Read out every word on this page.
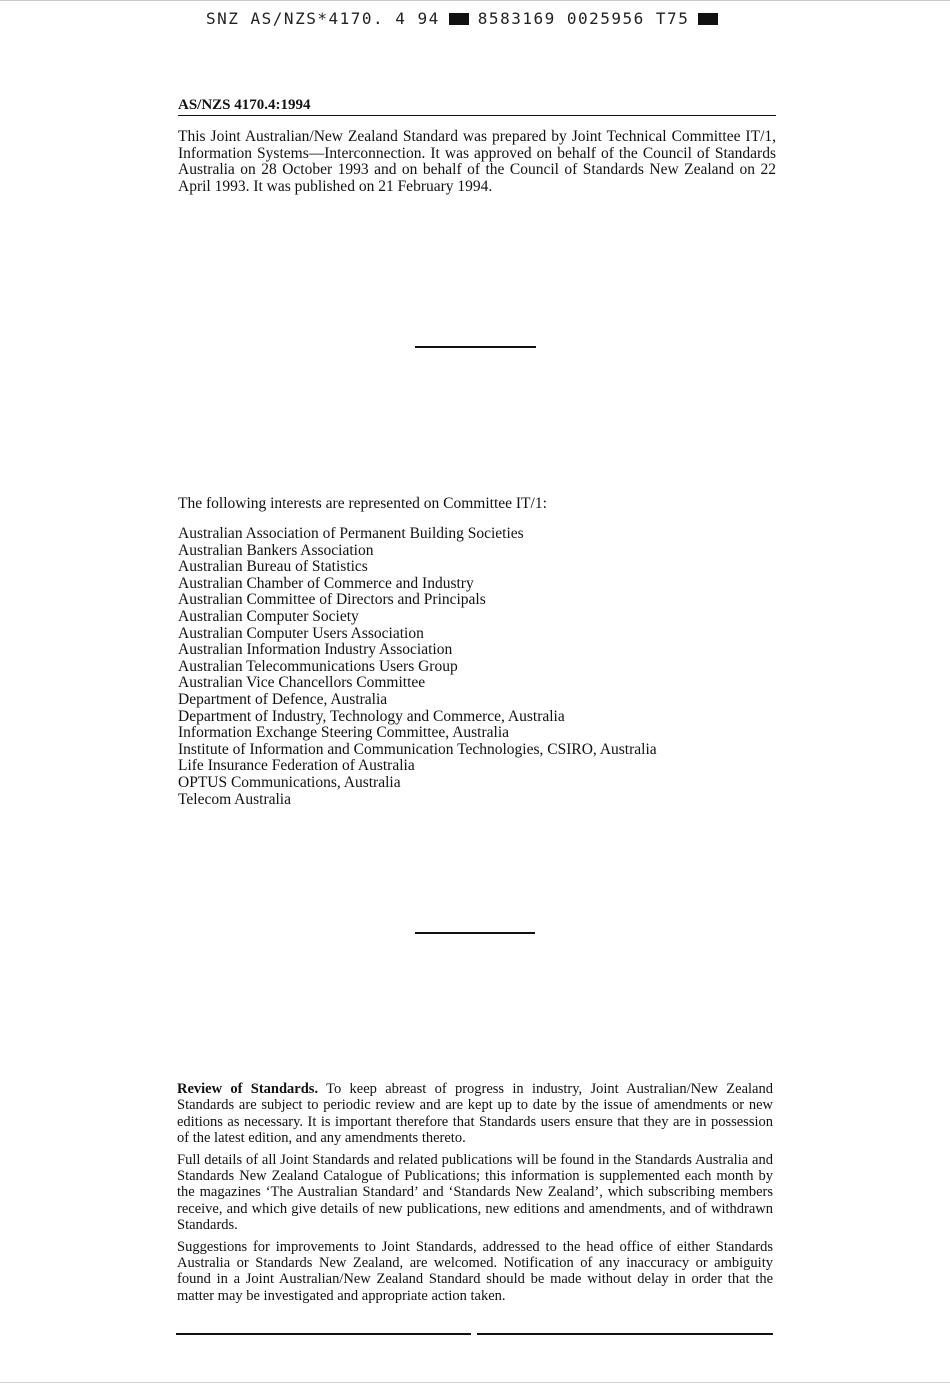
SNZ AS/NZS*4170. 4 94 8583169 0025956 T75
AS/NZS 4170.4:1994

This Joint Australian/New Zealand Standard was prepared by Joint Technical Committee IT/1, Information Systems—Interconnection. It was approved on behalf of the Council of Standards Australia on 28 October 1993 and on behalf of the Council of Standards New Zealand on 22 April 1993. It was published on 21 February 1994.

The following interests are represented on Committee IT/1:

Australian Association of Permanent Building Societies
Australian Bankers Association
Australian Bureau of Statistics
Australian Chamber of Commerce and Industry
Australian Committee of Directors and Principals
Australian Computer Society
Australian Computer Users Association
Australian Information Industry Association
Australian Telecommunications Users Group
Australian Vice Chancellors Committee
Department of Defence, Australia
Department of Industry, Technology and Commerce, Australia
Information Exchange Steering Committee, Australia
Institute of Information and Communication Technologies, CSIRO, Australia
Life Insurance Federation of Australia
OPTUS Communications, Australia
Telecom Australia

Review of Standards. To keep abreast of progress in industry, Joint Australian/New Zealand Standards are subject to periodic review and are kept up to date by the issue of amendments or new editions as necessary. It is important therefore that Standards users ensure that they are in possession of the latest edition, and any amendments thereto.

Full details of all Joint Standards and related publications will be found in the Standards Australia and Standards New Zealand Catalogue of Publications; this information is supplemented each month by the magazines ‘The Australian Standard’ and ‘Standards New Zealand’, which subscribing members receive, and which give details of new publications, new editions and amendments, and of withdrawn Standards.

Suggestions for improvements to Joint Standards, addressed to the head office of either Standards Australia or Standards New Zealand, are welcomed. Notification of any inaccuracy or ambiguity found in a Joint Australian/New Zealand Standard should be made without delay in order that the matter may be investigated and appropriate action taken.
